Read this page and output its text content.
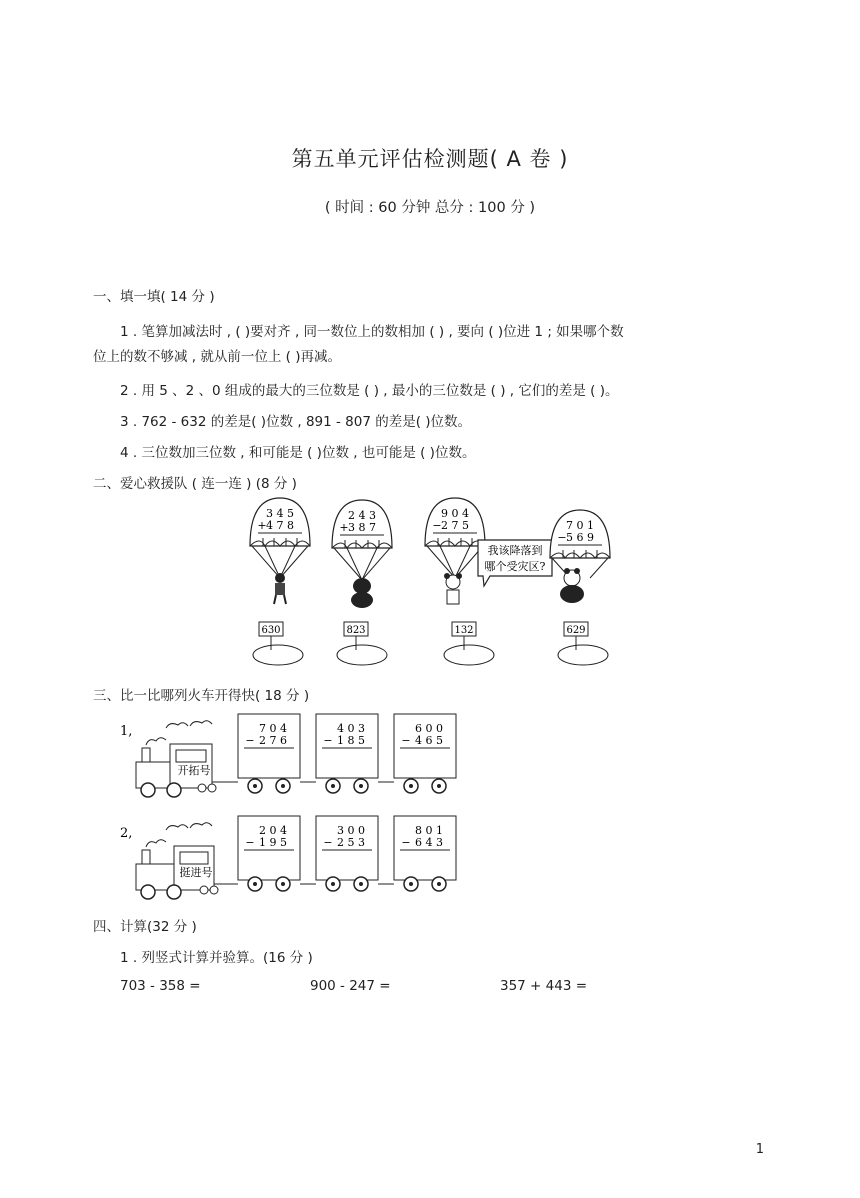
第五单元评估检测题( A 卷 )
( 时间 : 60 分钟 总分 : 100 分 )
一、填一填( 14 分 )
1 . 笔算加减法时 , ( )要对齐 , 同一数位上的数相加 ( ) , 要向 ( )位进 1 ; 如果哪个数
位上的数不够减 , 就从前一位上 ( )再减。
2 . 用 5 、2 、0 组成的最大的三位数是 ( ) , 最小的三位数是 ( ) , 它们的差是 ( )。
3 . 762 - 632 的差是( )位数 , 891 - 807 的差是( )位数。
4 . 三位数加三位数 , 和可能是 ( )位数 , 也可能是 ( )位数。
二、爱心救援队 ( 连一连 ) (8 分 )
3 4 5
+ 4 7 8
2 4 3
+ 3 8 7
9 0 4
− 2 7 5
我该降落到
哪个受灾区?
7 0 1
− 5 6 9
630	823	132	629
三、比一比哪列火车开得快( 18 分 )
1,
开拓号
7 0 4
− 2 7 6
4 0 3
− 1 8 5
6 0 0
− 4 6 5
2,
挺进号
2 0 4
− 1 9 5
3 0 0
− 2 5 3
8 0 1
− 6 4 3
四、计算(32 分 )
1 . 列竖式计算并验算。(16 分 )
703 - 358 =	900 - 247 =	357 + 443 =
1
